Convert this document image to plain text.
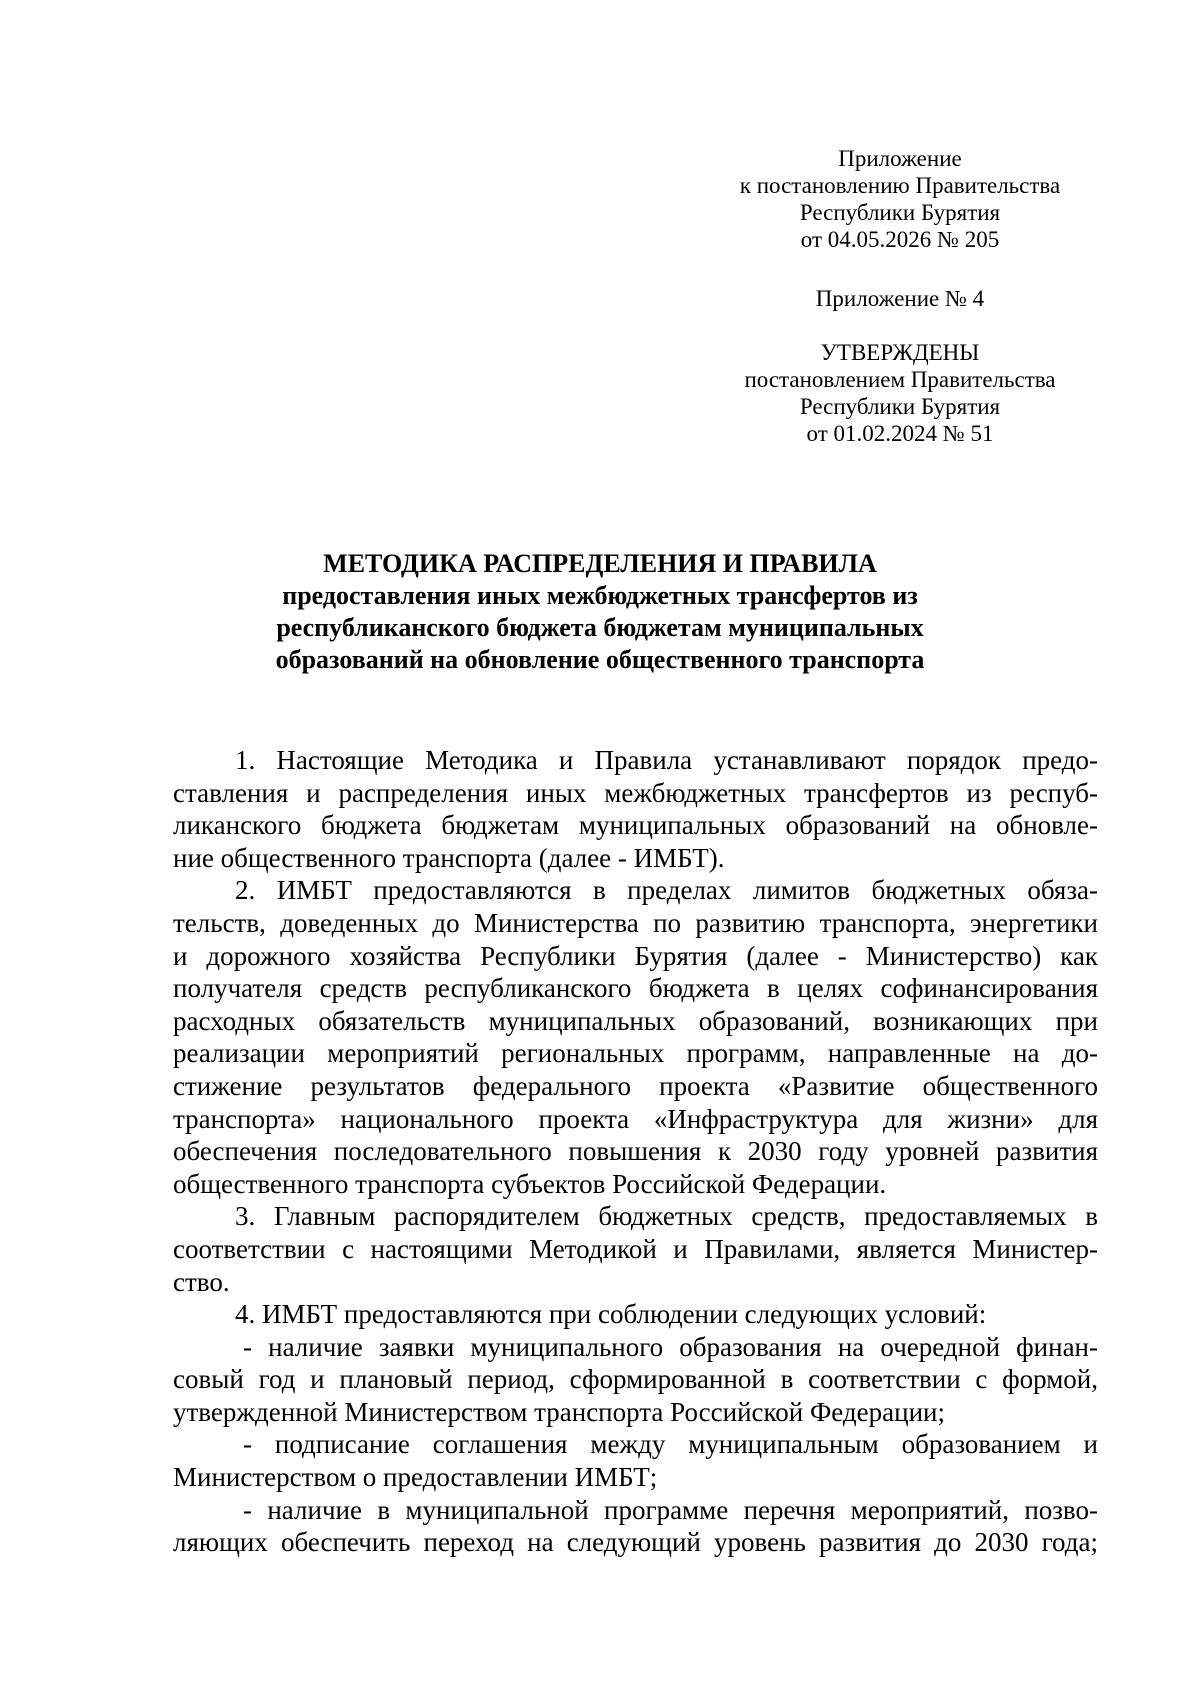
Приложение
к постановлению Правительства
Республики Бурятия
от 04.05.2026 № 205
Приложение № 4
УТВЕРЖДЕНЫ
постановлением Правительства
Республики Бурятия
от 01.02.2024 № 51
МЕТОДИКА РАСПРЕДЕЛЕНИЯ И ПРАВИЛА
предоставления иных межбюджетных трансфертов из
республиканского бюджета бюджетам муниципальных
образований на обновление общественного транспорта
1. Настоящие Методика и Правила устанавливают порядок предо-
ставления и распределения иных межбюджетных трансфертов из респуб-
ликанского бюджета бюджетам муниципальных образований на обновле-
ние общественного транспорта (далее - ИМБТ).
2. ИМБТ предоставляются в пределах лимитов бюджетных обяза-
тельств, доведенных до Министерства по развитию транспорта, энергетики
и дорожного хозяйства Республики Бурятия (далее - Министерство) как
получателя средств республиканского бюджета в целях софинансирования
расходных обязательств муниципальных образований, возникающих при
реализации мероприятий региональных программ, направленные на до-
стижение результатов федерального проекта «Развитие общественного
транспорта» национального проекта «Инфраструктура для жизни» для
обеспечения последовательного повышения к 2030 году уровней развития
общественного транспорта субъектов Российской Федерации.
3. Главным распорядителем бюджетных средств, предоставляемых в
соответствии с настоящими Методикой и Правилами, является Министер-
ство.
4. ИМБТ предоставляются при соблюдении следующих условий:
- наличие заявки муниципального образования на очередной финан-
совый год и плановый период, сформированной в соответствии с формой,
утвержденной Министерством транспорта Российской Федерации;
- подписание соглашения между муниципальным образованием и
Министерством о предоставлении ИМБТ;
- наличие в муниципальной программе перечня мероприятий, позво-
ляющих обеспечить переход на следующий уровень развития до 2030 года;
